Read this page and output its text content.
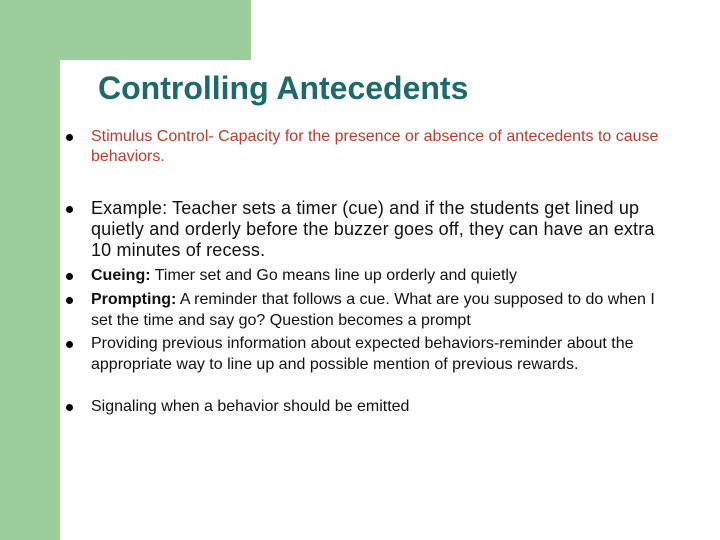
Controlling Antecedents
Stimulus Control- Capacity for the presence or absence of antecedents to cause behaviors.
Example: Teacher sets a timer (cue) and if the students get lined up quietly and orderly before the buzzer goes off, they can have an extra 10 minutes of recess.
Cueing: Timer set and Go means line up orderly and quietly
Prompting: A reminder that follows a cue. What are you supposed to do when I set the time and say go? Question becomes a prompt
Providing previous information about expected behaviors-reminder about the appropriate way to line up and possible mention of previous rewards.
Signaling when a behavior should be emitted
